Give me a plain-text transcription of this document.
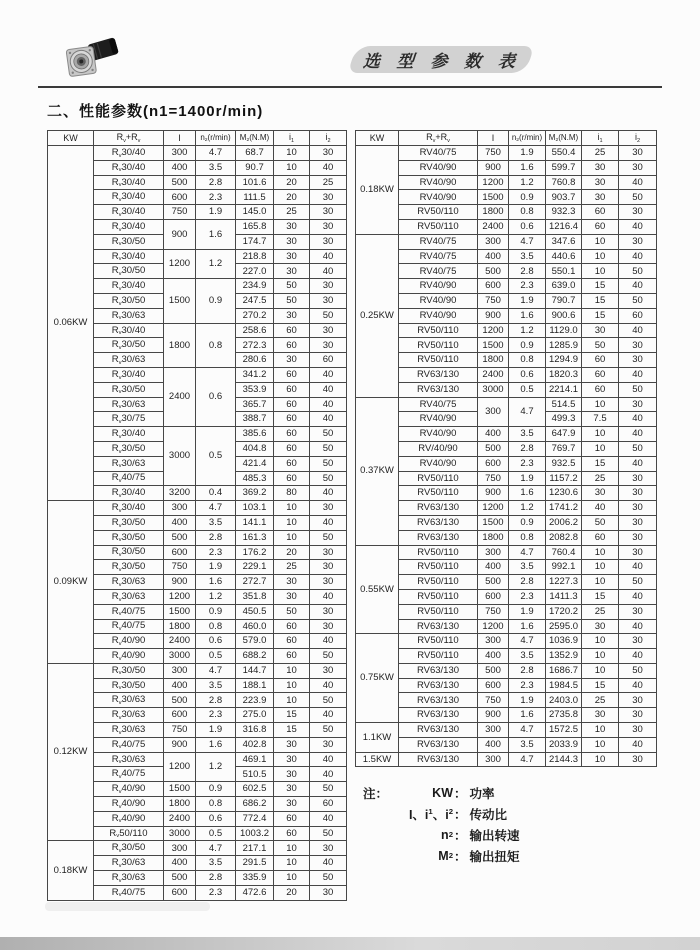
选 型 参 数 表
二、性能参数(n1=1400r/min)
KW	$R_v+R_v$	I	$n_2(r/\min)$	$M_2(N.M)$	$i_1$	$i_2$
0.06KW	$R_v30/40$	300	4.7	68.7	10	30
	$R_v30/40$	400	3.5	90.7	10	40
	$R_v30/40$	500	2.8	101.6	20	25
	$R_v30/40$	600	2.3	111.5	20	30
	$R_v30/40$	750	1.9	145.0	25	30
	$R_v30/40$	900	1.6	165.8	30	30
	$R_v30/50$			174.7	30	30
	$R_v30/40$	1200	1.2	218.8	30	40
	$R_v30/50$			227.0	30	40
	$R_v30/40$	1500	0.9	234.9	50	30
	$R_v30/50$			247.5	50	30
	$R_v30/63$			270.2	30	50
	$R_v30/40$	1800	0.8	258.6	60	30
	$R_v30/50$			272.3	60	30
	$R_v30/63$			280.6	30	60
	$R_v30/40$	2400	0.6	341.2	60	40
	$R_v30/50$			353.9	60	40
	$R_v30/63$			365.7	60	40
	$R_v30/75$			388.7	60	40
	$R_v30/40$	3000	0.5	385.6	60	50
	$R_v30/50$			404.8	60	50
	$R_v30/63$			421.4	60	50
	$R_v40/75$			485.3	60	50
	$R_v30/40$	3200	0.4	369.2	80	40
0.09KW	$R_v30/40$	300	4.7	103.1	10	30
	$R_v30/50$	400	3.5	141.1	10	40
	$R_v30/50$	500	2.8	161.3	10	50
	$R_v30/50$	600	2.3	176.2	20	30
	$R_v30/50$	750	1.9	229.1	25	30
	$R_v30/63$	900	1.6	272.7	30	30
	$R_v30/63$	1200	1.2	351.8	30	40
	$R_v40/75$	1500	0.9	450.5	50	30
	$R_v40/75$	1800	0.8	460.0	60	30
	$R_v40/90$	2400	0.6	579.0	60	40
	$R_v40/90$	3000	0.5	688.2	60	50
0.12KW	$R_v30/50$	300	4.7	144.7	10	30
	$R_v30/50$	400	3.5	188.1	10	40
	$R_v30/63$	500	2.8	223.9	10	50
	$R_v30/63$	600	2.3	275.0	15	40
	$R_v30/63$	750	1.9	316.8	15	50
	$R_v40/75$	900	1.6	402.8	30	30
	$R_v30/63$	1200	1.2	469.1	30	40
	$R_v40/75$			510.5	30	40
	$R_v40/90$	1500	0.9	602.5	30	50
	$R_v40/90$	1800	0.8	686.2	30	60
	$R_v40/90$	2400	0.6	772.4	60	40
	$R_v50/110$	3000	0.5	1003.2	60	50
0.18KW	$R_v30/50$	300	4.7	217.1	10	30
	$R_v30/63$	400	3.5	291.5	10	40
	$R_v30/63$	500	2.8	335.9	10	50
	$R_v40/75$	600	2.3	472.6	20	30
KW	$R_v+R_v$	I	$n_2(r/\min)$	$M_2(N.M)$	$i_1$	$i_2$
0.18KW	RV40/75	750	1.9	550.4	25	30
	RV40/90	900	1.6	599.7	30	30
	RV40/90	1200	1.2	760.8	30	40
	RV40/90	1500	0.9	903.7	30	50
	RV50/110	1800	0.8	932.3	60	30
	RV50/110	2400	0.6	1216.4	60	40
0.25KW	RV40/75	300	4.7	347.6	10	30
	RV40/75	400	3.5	440.6	10	40
	RV40/75	500	2.8	550.1	10	50
	RV40/90	600	2.3	639.0	15	40
	RV40/90	750	1.9	790.7	15	50
	RV40/90	900	1.6	900.6	15	60
	RV50/110	1200	1.2	1129.0	30	40
	RV50/110	1500	0.9	1285.9	50	30
	RV50/110	1800	0.8	1294.9	60	30
	RV63/130	2400	0.6	1820.3	60	40
	RV63/130	3000	0.5	2214.1	60	50
0.37KW	RV40/75	300	4.7	514.5	10	30
	RV40/90			499.3	7.5	40
	RV40/90	400	3.5	647.9	10	40
	RV/40/90	500	2.8	769.7	10	50
	RV40/90	600	2.3	932.5	15	40
	RV50/110	750	1.9	1157.2	25	30
	RV50/110	900	1.6	1230.6	30	30
	RV63/130	1200	1.2	1741.2	40	30
	RV63/130	1500	0.9	2006.2	50	30
	RV63/130	1800	0.8	2082.8	60	30
0.55KW	RV50/110	300	4.7	760.4	10	30
	RV50/110	400	3.5	992.1	10	40
	RV50/110	500	2.8	1227.3	10	50
	RV50/110	600	2.3	1411.3	15	40
	RV50/110	750	1.9	1720.2	25	30
	RV63/130	1200	1.6	2595.0	30	40
0.75KW	RV50/110	300	4.7	1036.9	10	30
	RV50/110	400	3.5	1352.9	10	40
	RV63/130	500	2.8	1686.7	10	50
	RV63/130	600	2.3	1984.5	15	40
	RV63/130	750	1.9	2403.0	25	30
	RV63/130	900	1.6	2735.8	30	30
1.1KW	RV63/130	300	4.7	1572.5	10	30
	RV63/130	400	3.5	2033.9	10	40
1.5KW	RV63/130	300	4.7	2144.3	10	30
注：	KW ： 功率
I、$i_1$ 、$i_2$ ： 传动比
$n_2$ ： 输出转速
$M_2$ ： 输出扭矩
